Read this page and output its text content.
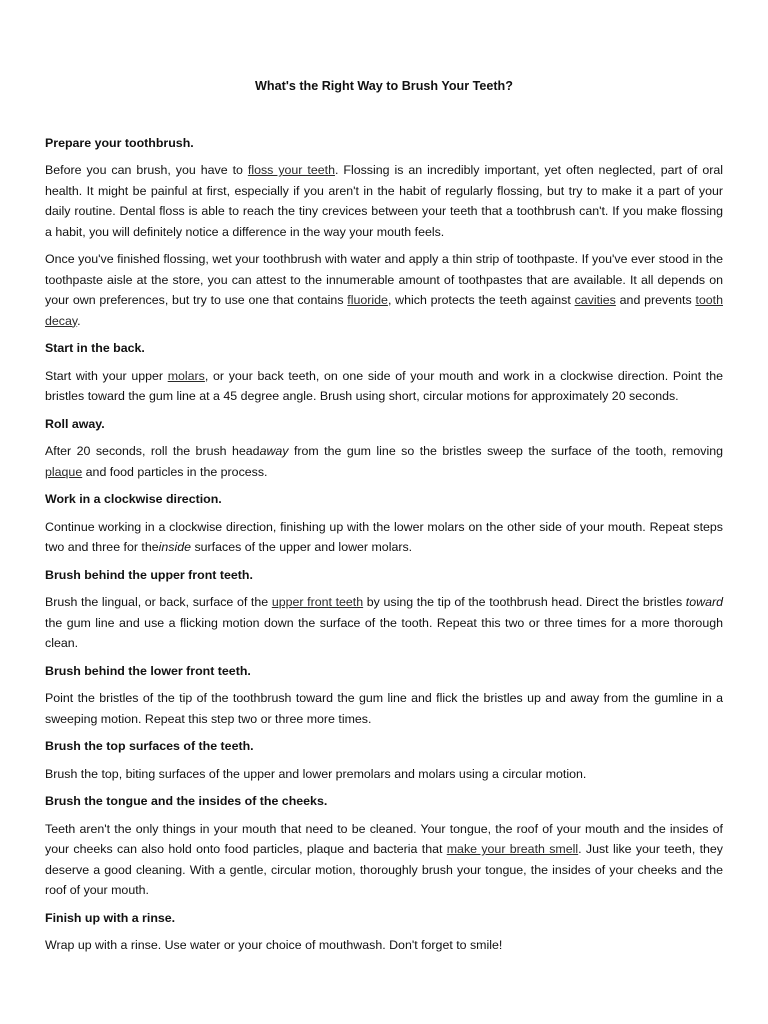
What's the Right Way to Brush Your Teeth?
Prepare your toothbrush.
Before you can brush, you have to floss your teeth. Flossing is an incredibly important, yet often neglected, part of oral health. It might be painful at first, especially if you aren't in the habit of regularly flossing, but try to make it a part of your daily routine. Dental floss is able to reach the tiny crevices between your teeth that a toothbrush can't. If you make flossing a habit, you will definitely notice a difference in the way your mouth feels.
Once you've finished flossing, wet your toothbrush with water and apply a thin strip of toothpaste. If you've ever stood in the toothpaste aisle at the store, you can attest to the innumerable amount of toothpastes that are available. It all depends on your own preferences, but try to use one that contains fluoride, which protects the teeth against cavities and prevents tooth decay.
Start in the back.
Start with your upper molars, or your back teeth, on one side of your mouth and work in a clockwise direction. Point the bristles toward the gum line at a 45 degree angle. Brush using short, circular motions for approximately 20 seconds.
Roll away.
After 20 seconds, roll the brush headaway from the gum line so the bristles sweep the surface of the tooth, removing plaque and food particles in the process.
Work in a clockwise direction.
Continue working in a clockwise direction, finishing up with the lower molars on the other side of your mouth. Repeat steps two and three for theinside surfaces of the upper and lower molars.
Brush behind the upper front teeth.
Brush the lingual, or back, surface of the upper front teeth by using the tip of the toothbrush head. Direct the bristles toward the gum line and use a flicking motion down the surface of the tooth. Repeat this two or three times for a more thorough clean.
Brush behind the lower front teeth.
Point the bristles of the tip of the toothbrush toward the gum line and flick the bristles up and away from the gumline in a sweeping motion. Repeat this step two or three more times.
Brush the top surfaces of the teeth.
Brush the top, biting surfaces of the upper and lower premolars and molars using a circular motion.
Brush the tongue and the insides of the cheeks.
Teeth aren't the only things in your mouth that need to be cleaned. Your tongue, the roof of your mouth and the insides of your cheeks can also hold onto food particles, plaque and bacteria that make your breath smell. Just like your teeth, they deserve a good cleaning. With a gentle, circular motion, thoroughly brush your tongue, the insides of your cheeks and the roof of your mouth.
Finish up with a rinse.
Wrap up with a rinse. Use water or your choice of mouthwash. Don't forget to smile!
